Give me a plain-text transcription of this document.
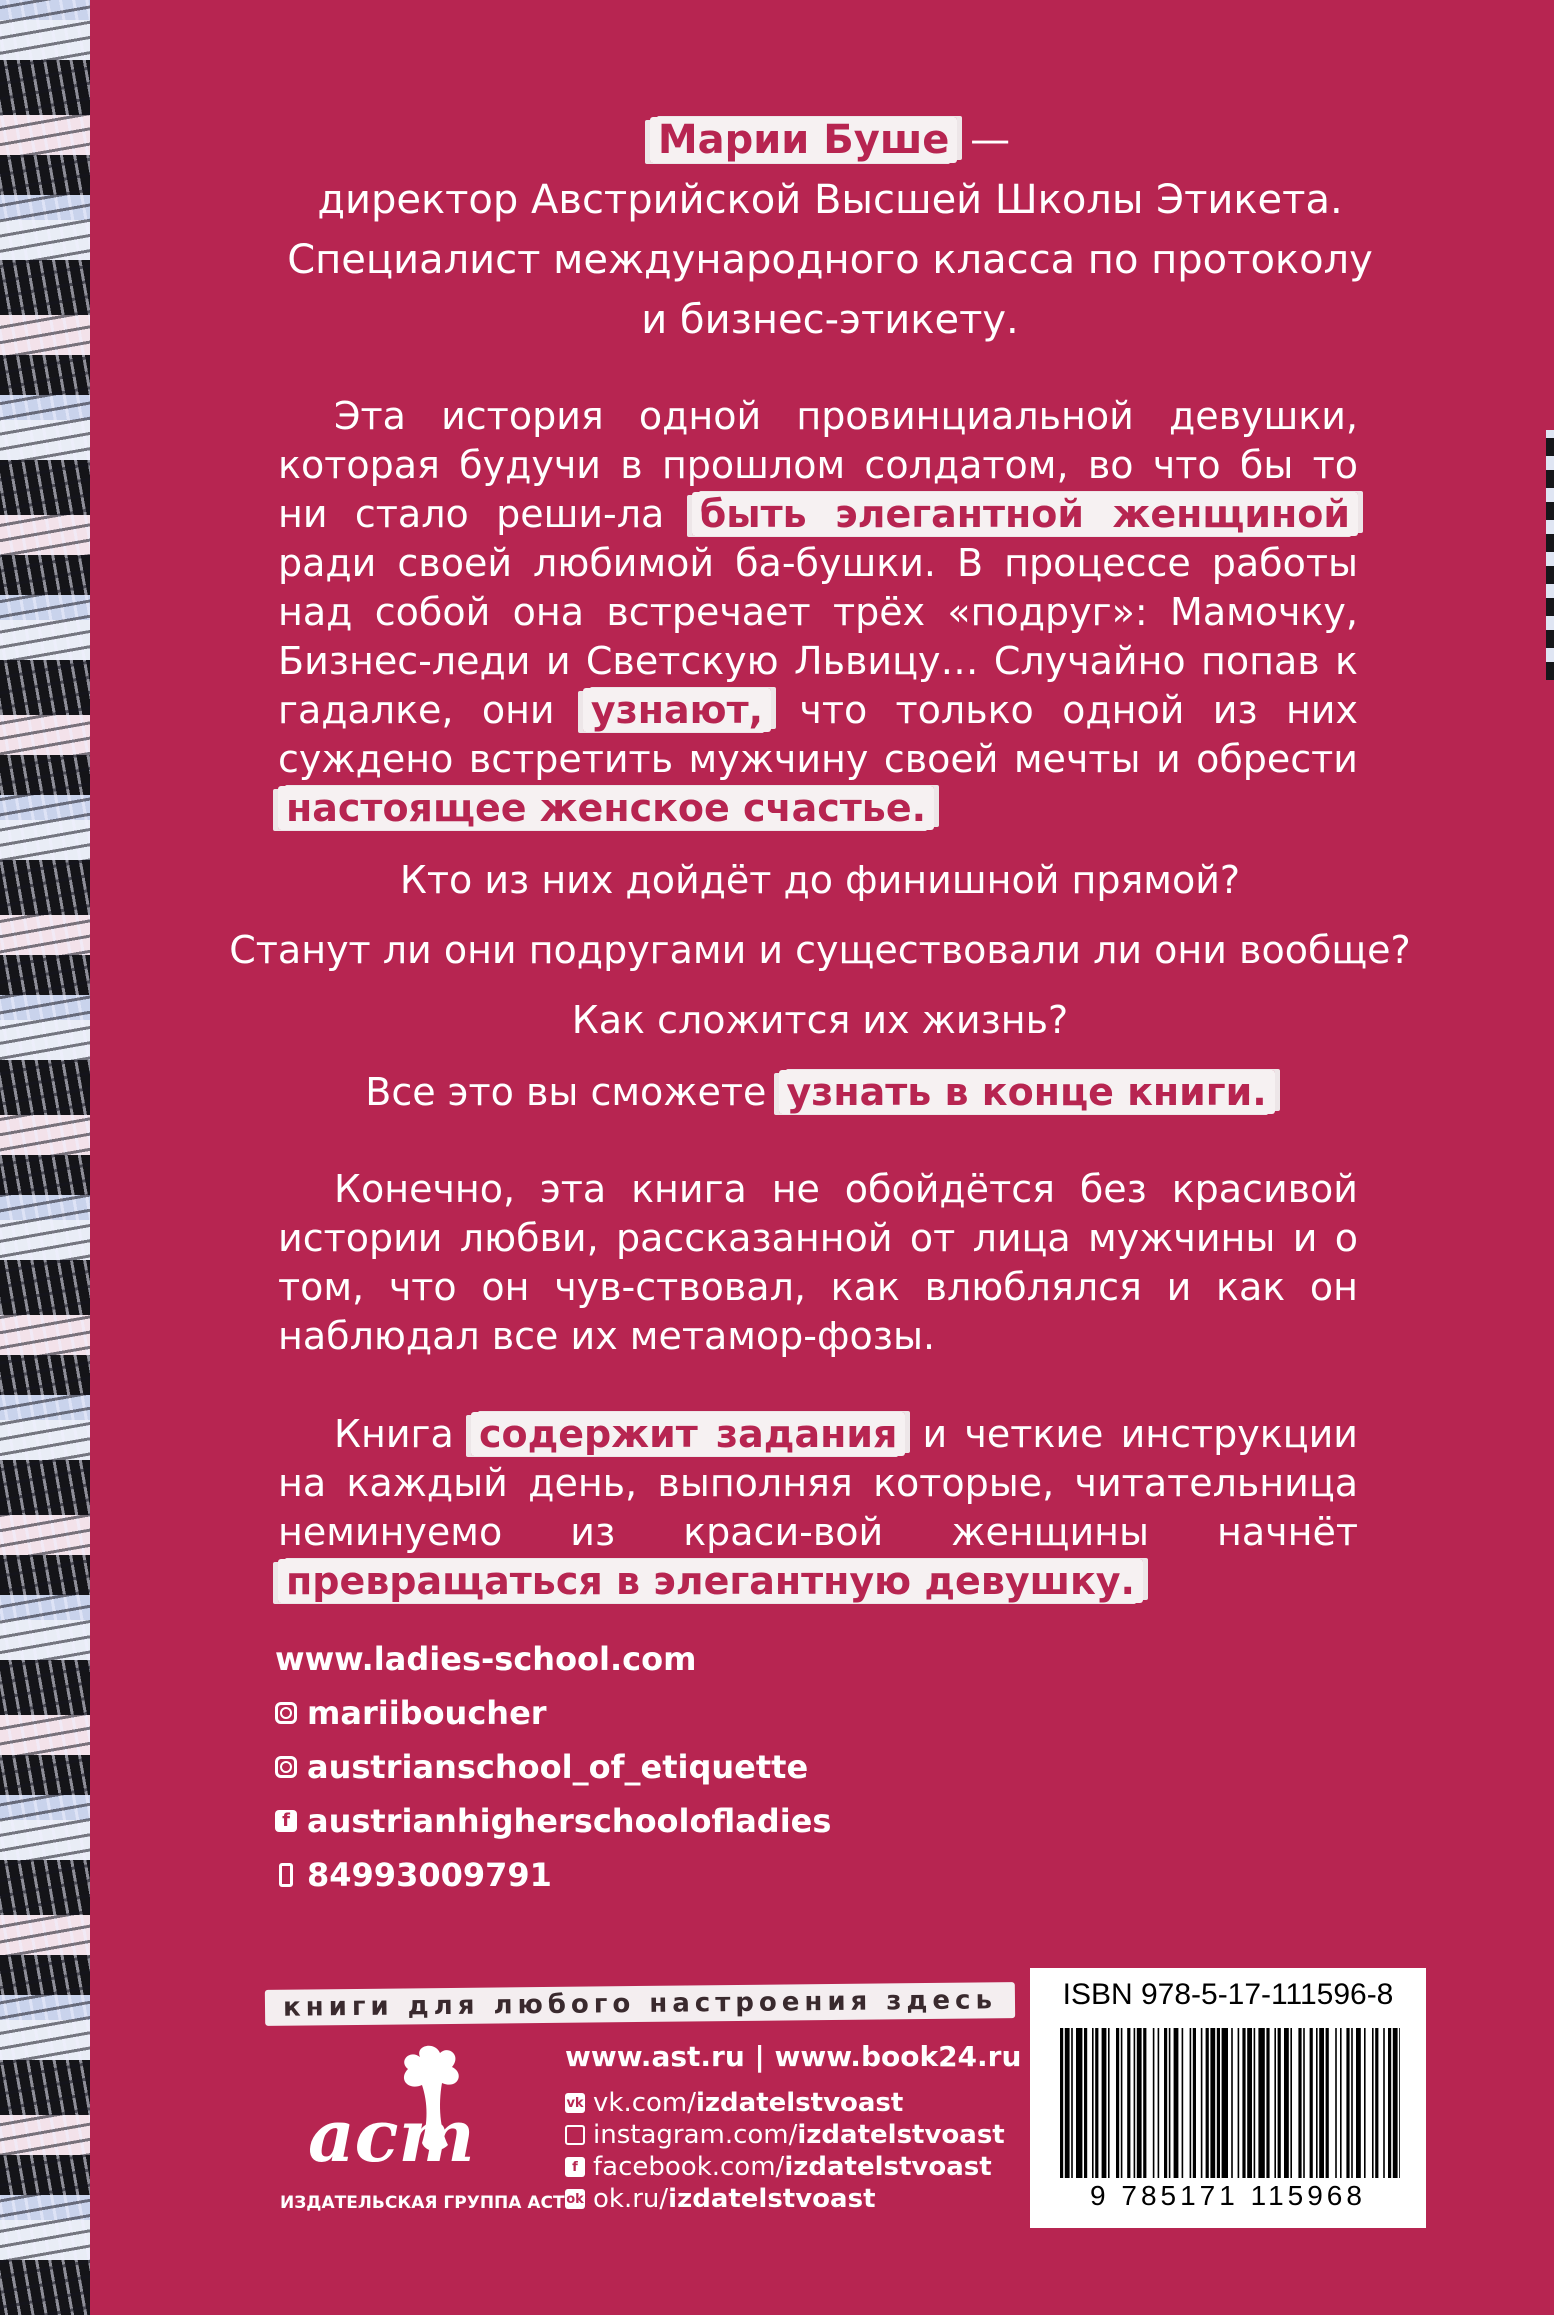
Марии Буше —
директор Австрийской Высшей Школы Этикета.
Специалист международного класса по протоколу
и бизнес-этикету.
Эта история одной провинциальной девушки, которая будучи в прошлом солдатом, во что бы то ни стало реши-ла быть элегантной женщиной ради своей любимой ба-бушки. В процессе работы над собой она встречает трёх «подруг»: Мамочку, Бизнес-леди и Светскую Львицу… Случайно попав к гадалке, они узнают, что только одной из них суждено встретить мужчину своей мечты и обрести настоящее женское счастье.
Кто из них дойдёт до финишной прямой?
Станут ли они подругами и существовали ли они вообще?
Как сложится их жизнь?
Все это вы сможете узнать в конце книги.
Конечно, эта книга не обойдётся без красивой истории любви, рассказанной от лица мужчины и о том, что он чув-ствовал, как влюблялся и как он наблюдал все их метамор-фозы.
Книга содержит задания и четкие инструкции на каждый день, выполняя которые, читательница неминуемо из краси-вой женщины начнёт превращаться в элегантную девушку.
www.ladies-school.com
mariiboucher
austrianschool_of_etiquette
f austrianhigherschoolofladies
84993009791
книги для любого настроения здесь
аст
ИЗДАТЕЛЬСКАЯ ГРУППА АСТ
www.ast.ru | www.book24.ru
vk vk.com/ izdatelstvoast
instagram.com/ izdatelstvoast
f facebook.com/ izdatelstvoast
ok ok.ru/ izdatelstvoast
ISBN 978-5-17-111596-8
9 785171 115968
